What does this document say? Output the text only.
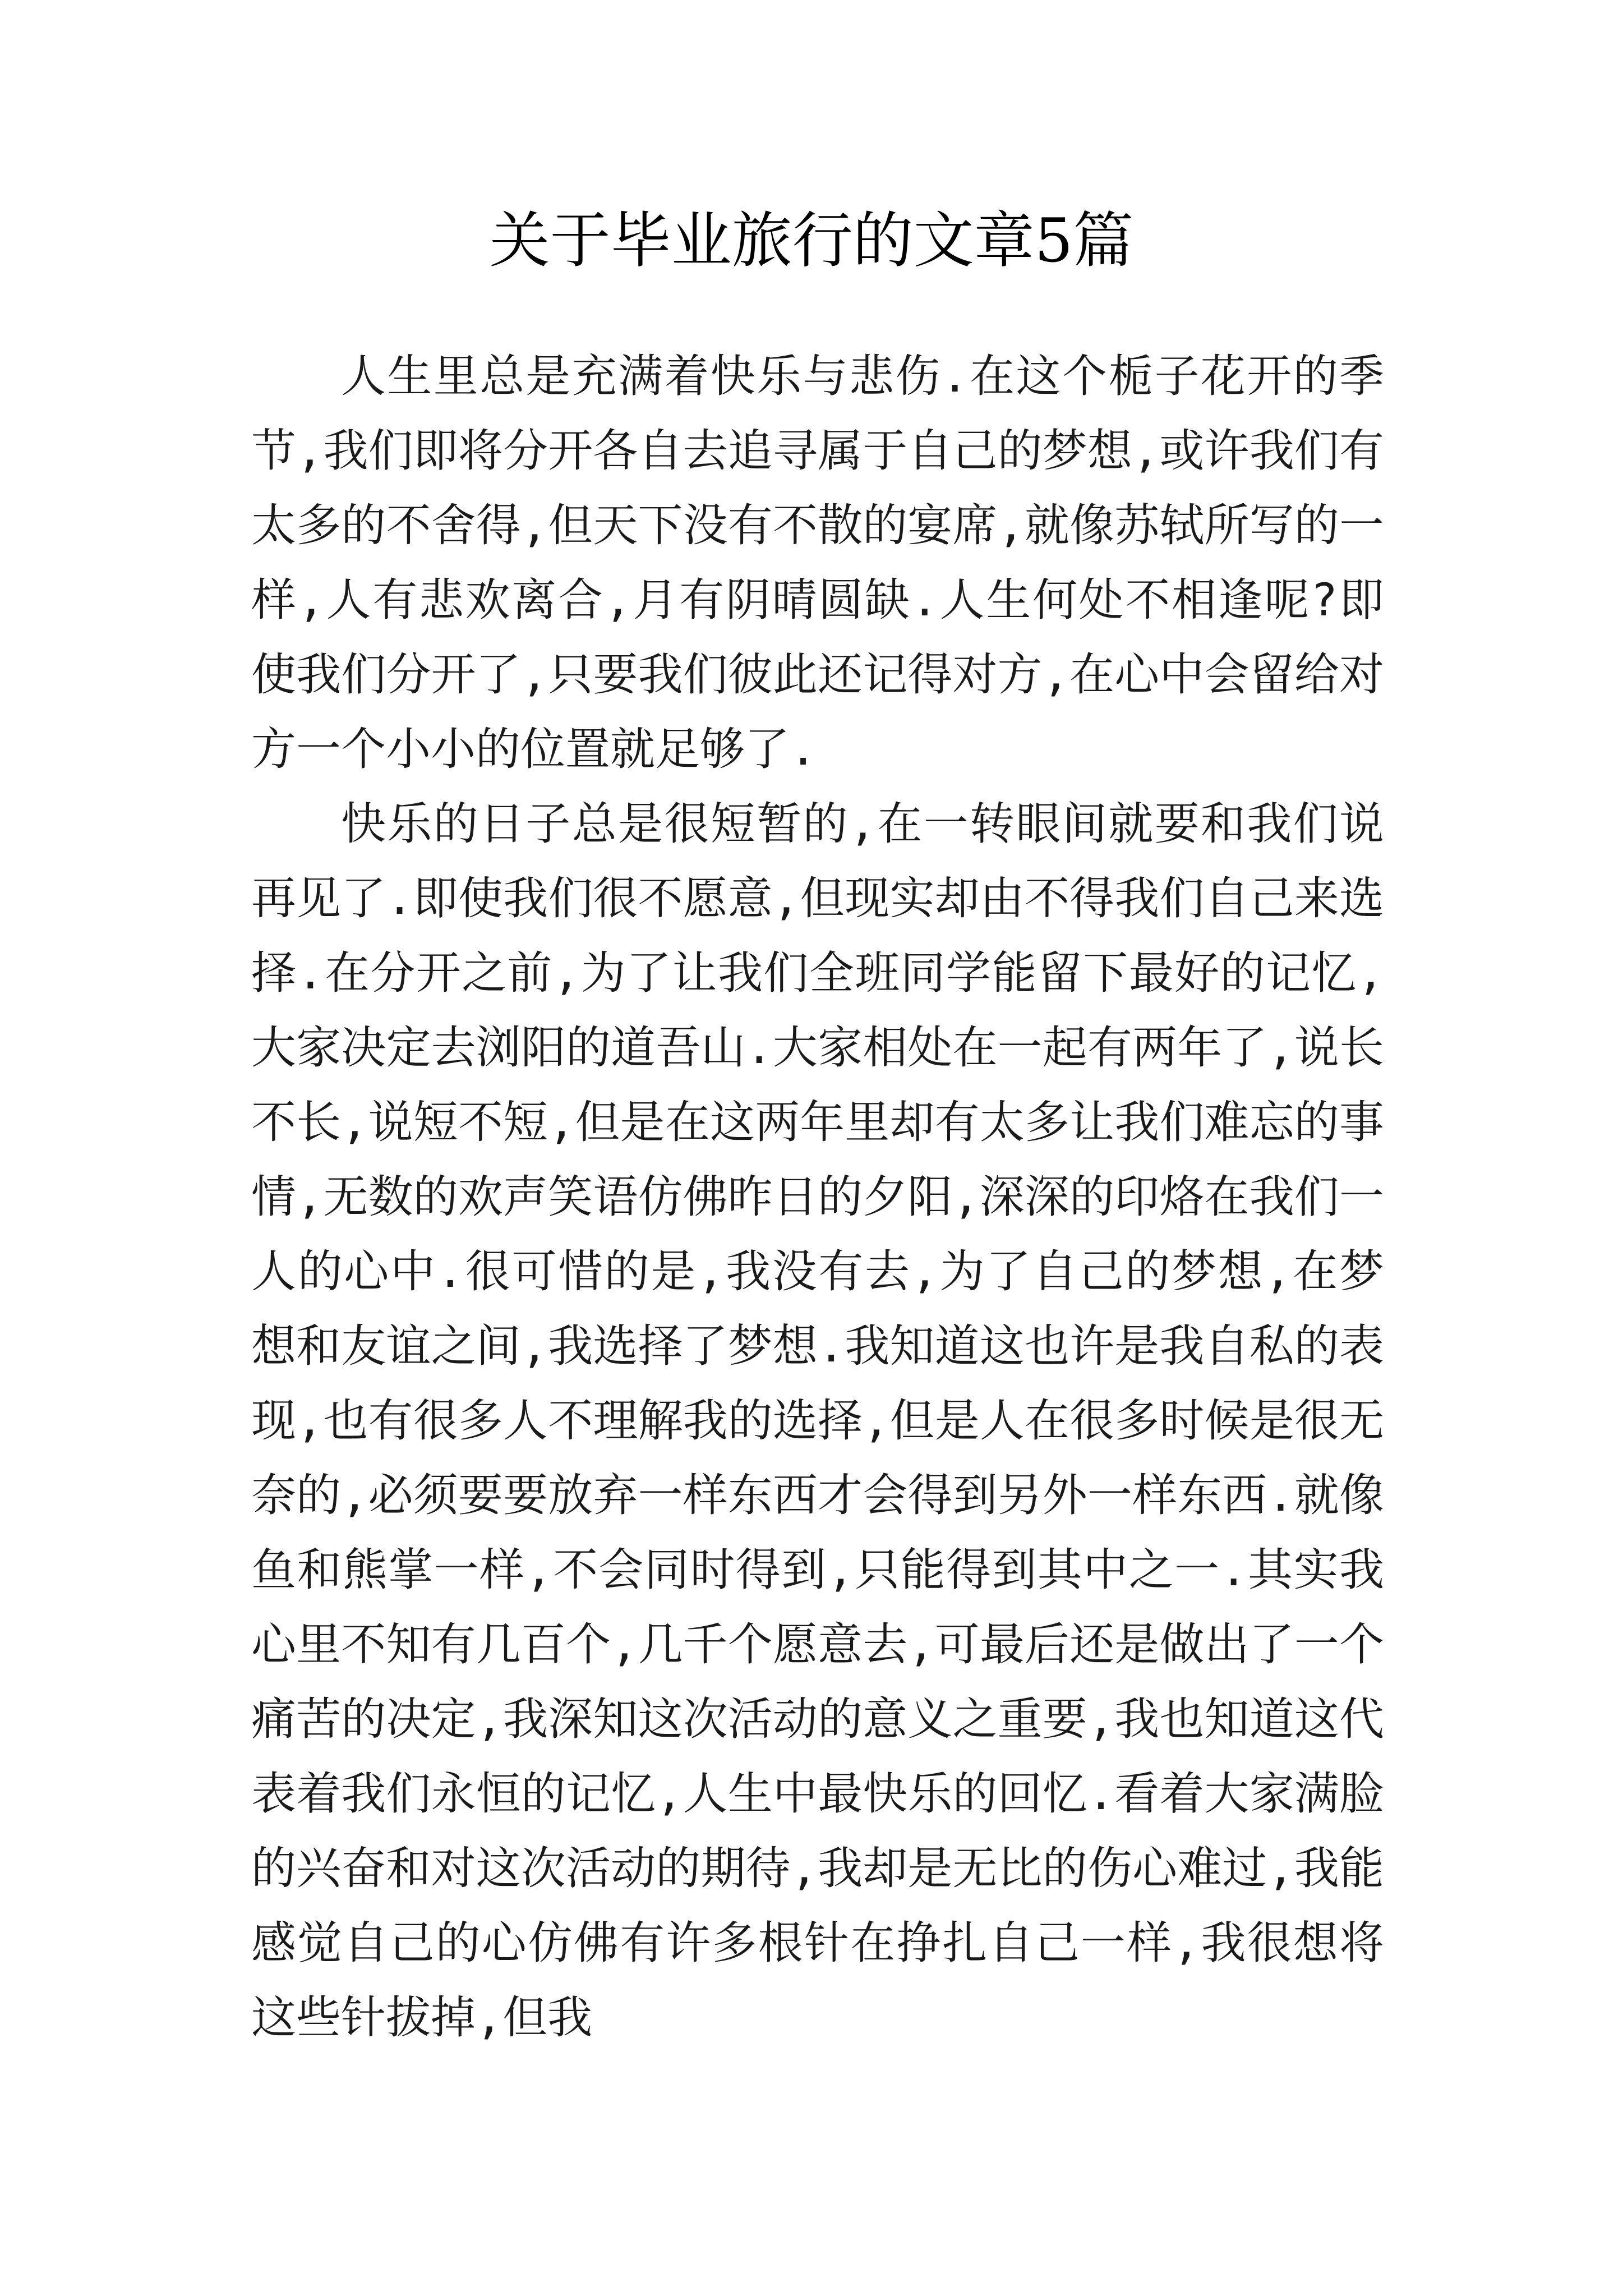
关于毕业旅行的文章5篇

人生里总是充满着快乐与悲伤.在这个栀子花开的季节,我们即将分开各自去追寻属于自己的梦想,或许我们有太多的不舍得,但天下没有不散的宴席,就像苏轼所写的一样,人有悲欢离合,月有阴晴圆缺.人生何处不相逢呢?即使我们分开了,只要我们彼此还记得对方,在心中会留给对方一个小小的位置就足够了.

快乐的日子总是很短暂的,在一转眼间就要和我们说再见了.即使我们很不愿意,但现实却由不得我们自己来选择.在分开之前,为了让我们全班同学能留下最好的记忆,大家决定去浏阳的道吾山.大家相处在一起有两年了,说长不长,说短不短,但是在这两年里却有太多让我们难忘的事情,无数的欢声笑语仿佛昨日的夕阳,深深的印烙在我们一人的心中.很可惜的是,我没有去,为了自己的梦想,在梦想和友谊之间,我选择了梦想.我知道这也许是我自私的表现,也有很多人不理解我的选择,但是人在很多时候是很无奈的,必须要要放弃一样东西才会得到另外一样东西.就像鱼和熊掌一样,不会同时得到,只能得到其中之一.其实我心里不知有几百个,几千个愿意去,可最后还是做出了一个痛苦的决定,我深知这次活动的意义之重要,我也知道这代表着我们永恒的记忆,人生中最快乐的回忆.看着大家满脸的兴奋和对这次活动的期待,我却是无比的伤心难过,我能感觉自己的心仿佛有许多根针在挣扎自己一样,我很想将这些针拔掉,但我
